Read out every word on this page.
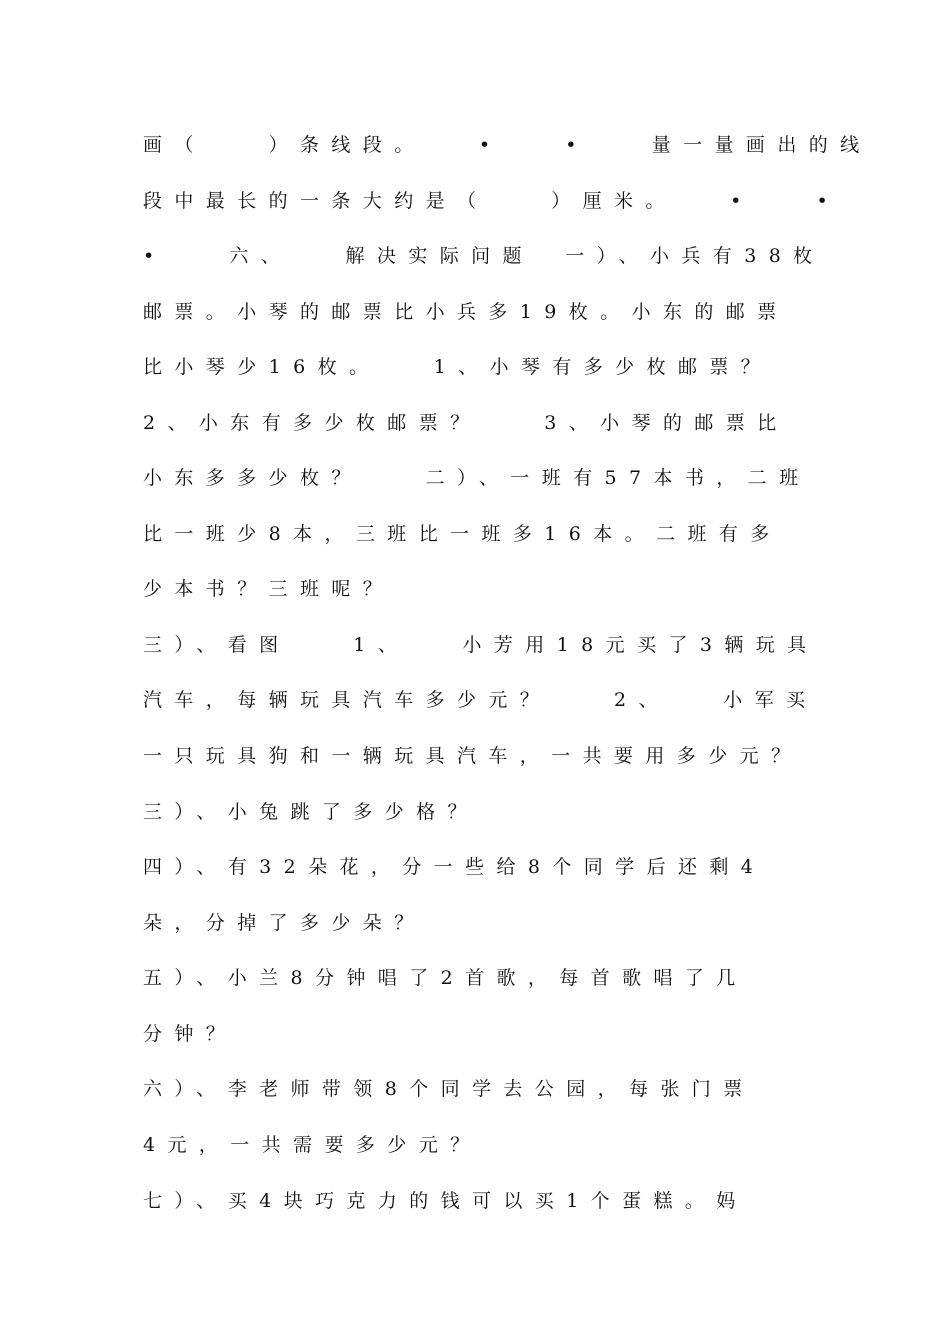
画（　　）条线段。　　•　　•　　量一量画出的线
段中最长的一条大约是（　　）厘米。　　•　　•
•　　六、　　解决实际问题　一）、小兵有38枚
邮票。小琴的邮票比小兵多19枚。小东的邮票
比小琴少16枚。　　1、小琴有多少枚邮票？
2、小东有多少枚邮票？　　3、小琴的邮票比
小东多多少枚？　　二）、一班有57本书，二班
比一班少8本，三班比一班多16本。二班有多
少本书？三班呢？
三）、看图　　1、　　小芳用18元买了3辆玩具
汽车，每辆玩具汽车多少元？　　2、　　小军买
一只玩具狗和一辆玩具汽车，一共要用多少元？
三）、小兔跳了多少格？
四）、有32朵花，分一些给8个同学后还剩4
朵，分掉了多少朵？
五）、小兰8分钟唱了2首歌，每首歌唱了几
分钟？
六）、李老师带领8个同学去公园，每张门票
4元，一共需要多少元？
七）、买4块巧克力的钱可以买1个蛋糕。妈
